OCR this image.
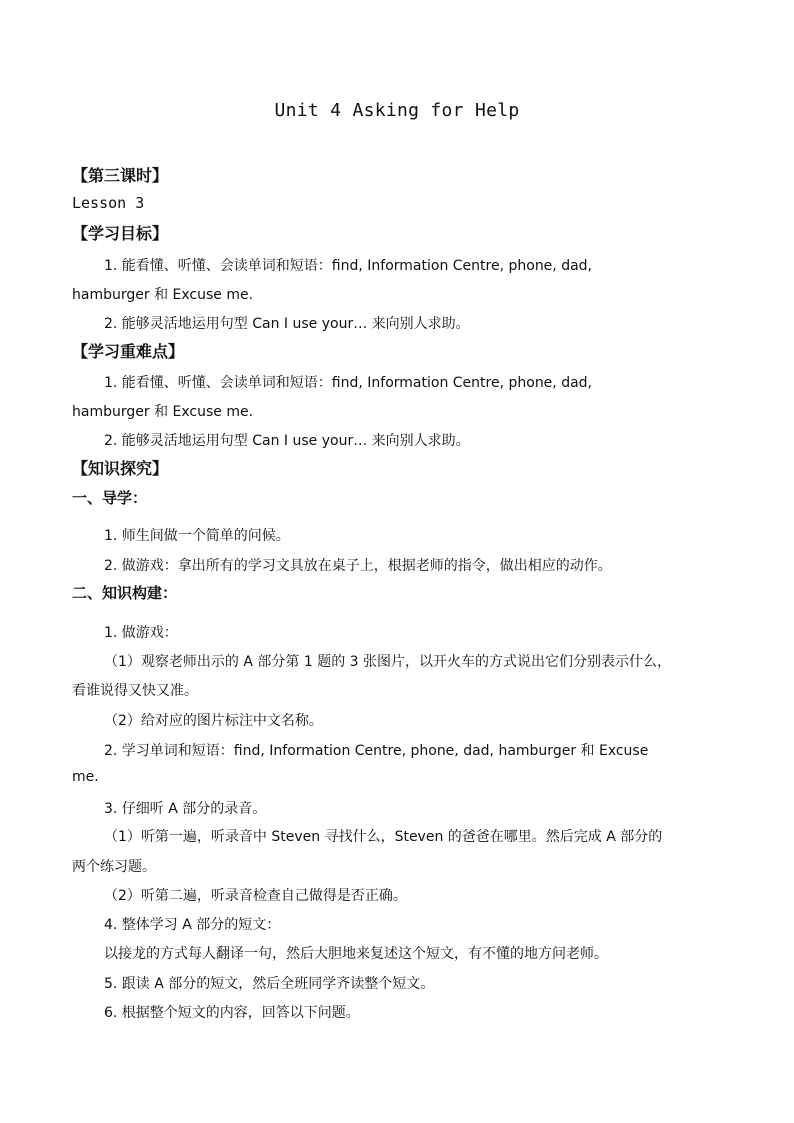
Unit 4 Asking for Help
【第三课时】
Lesson 3
【学习目标】
1. 能看懂、听懂、会读单词和短语：find, Information Centre, phone, dad,
hamburger 和 Excuse me.
2. 能够灵活地运用句型 Can I use your… 来向别人求助。
【学习重难点】
1. 能看懂、听懂、会读单词和短语：find, Information Centre, phone, dad,
hamburger 和 Excuse me.
2. 能够灵活地运用句型 Can I use your… 来向别人求助。
【知识探究】
一、导学：
1. 师生间做一个简单的问候。
2. 做游戏：拿出所有的学习文具放在桌子上，根据老师的指令，做出相应的动作。
二、知识构建：
1. 做游戏：
（1）观察老师出示的 A 部分第 1 题的 3 张图片，以开火车的方式说出它们分别表示什么，
看谁说得又快又准。
（2）给对应的图片标注中文名称。
2. 学习单词和短语：find, Information Centre, phone, dad, hamburger 和 Excuse
me.
3. 仔细听 A 部分的录音。
（1）听第一遍，听录音中 Steven 寻找什么，Steven 的爸爸在哪里。然后完成 A 部分的
两个练习题。
（2）听第二遍，听录音检查自己做得是否正确。
4. 整体学习 A 部分的短文：
以接龙的方式每人翻译一句，然后大胆地来复述这个短文，有不懂的地方问老师。
5. 跟读 A 部分的短文，然后全班同学齐读整个短文。
6. 根据整个短文的内容，回答以下问题。
